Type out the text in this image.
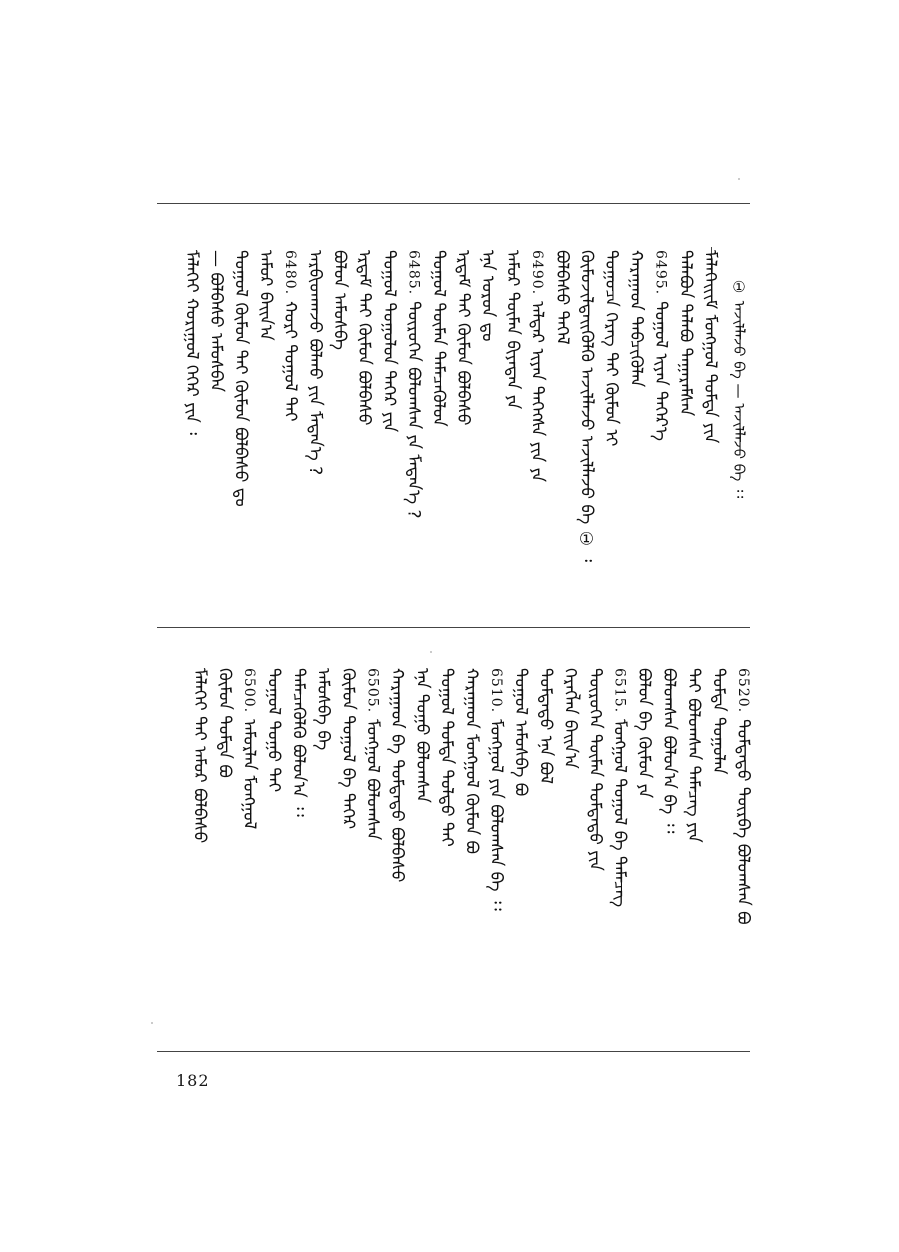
① ᠠᠵᠢᠯᠯᠠᠵᠤ ᠪᠠ — ᠠᠵᠢᠯᠯᠠᠵᠤ ᠪᠠ ᠄᠄
ᠮᠡᠯᠡᠭᠡᠢᠢᠮ ᠮᠣᠩᠭᠣᠯ ᠳᠤᠮᠳᠠ ᠶᠢᠨ
ᠲᠠᠯᠠᠪᠤᠨ ᠲᠠᠯᠠᠪᠤ ᠲᠠᠭᠠᠷᠠᠮᠰᠠᠨ
6495.ᠲᠣᠭᠣᠯ ᠢᠶᠡᠨ ᠳᠡᠭᠡᠷ᠎ᠡ
ᠬᠠᠷᠠᠭᠠᠳ ᠲᠡᠪᠴᠢᠭᠦᠯᠡᠨ
ᠲᠣᠭᠣᠴᠠ ᠬᠡᠷᠡᠭ ᠲᠡᠢ ᠬᠦᠮᠦᠨ ᠢ
ᠬᠦᠮᠦᠵᠢᠯᠲᠡᠢᠭᠦᠯᠬᠦ ᠠᠵᠢᠯᠯᠠᠵᠤ ᠠᠵᠢᠯᠯᠠᠵᠤ ᠪᠠ ① ᠄
ᠪᠣᠯᠪᠠᠰᠤ ᠳᠡᠭᠡᠯ
6490.ᠠᠯᠳᠠᠷ ᠢᠶᠡᠨ ᠳᠡᠭᠡᠭᠰᠡ ᠶᠢᠨ ᠶᠠ
ᠠᠮᠤᠷ ᠲᠦᠮᠡᠨ ᠪᠢᠶᠡᠳᠡᠨ ᠶᠠ
ᠡᠨᠡ ᠣᠷᠣᠨ ᠳᠤ
ᠡᠷᠳᠡᠮ ᠲᠡᠢ ᠬᠦᠮᠦᠨ ᠪᠣᠯᠪᠠᠰᠤ
ᠲᠣᠭᠣᠯ ᠲᠦᠮᠡᠨ ᠲᠡᠮᠡᠴᠡᠭᠦᠯᠦᠨ
6485.ᠲᠦᠷᠦᠭᠡᠨ ᠪᠣᠯᠤᠭᠰᠠᠨ ᠶᠠ ᠮᠡᠳᠡᠨ᠎ᠡ ?
ᠲᠣᠭᠣᠯ ᠳᠣᠭᠣᠯᠤᠨ ᠲᠡᠭᠡᠷ ᠶᠢᠨ
ᠡᠷᠳᠡᠮ ᠲᠡᠢ ᠬᠦᠮᠦᠨ ᠪᠣᠯᠪᠠᠰᠤ
ᠪᠣᠯᠤᠨ ᠠᠮᠤᠰᠪᠠ
ᠠᠷᠪᠢᠳᠬᠠᠵᠤ ᠪᠣᠯᠬᠤ ᠶᠢᠨ ᠮᠡᠳᠡᠨ᠎ᠡ ?
6480.ᠬᠣᠷᠢ ᠲᠣᠭᠣᠯ ᠲᠡᠢ
ᠠᠮᠤᠷ ᠪᠠᠢ᠌ᠨ᠎ᠠ
ᠲᠣᠭᠣᠯ ᠬᠦᠮᠦᠨ ᠲᠡᠢ ᠬᠦᠮᠦᠨ ᠪᠣᠯᠪᠠᠰᠤ ᠳᠤ
— ᠪᠣᠯᠪᠠᠰᠤ ᠠᠮᠤᠰᠪᠠᠨ
ᠮᠡᠯᠡᠭᠡᠢ ᠬᠣᠷᠢᠭᠣᠯ ᠬᠡᠭᠡᠷ ᠶᠢᠨ ᠄
6520.ᠳᠤᠮᠳᠠᠳᠤ ᠳᠦᠷᠪᠡ ᠪᠣᠯᠤᠭᠰᠠᠨ ᠪᠣ
ᠳᠤᠮᠳᠠ ᠲᠣᠭᠣᠯᠠᠨ
ᠲᠡᠢ ᠪᠣᠯᠤᠭᠰᠠᠨ ᠲᠡᠮᠡᠴᠡᠭ ᠶᠢᠨ
ᠪᠣᠯᠤᠭᠰᠠᠨ ᠪᠣᠯᠤᠨ᠎ᠠ ᠪᠠ ᠄᠄
ᠪᠣᠯᠤᠨ ᠪᠠ ᠬᠦᠮᠦᠨ ᠶᠠ
6515.ᠮᠣᠩᠭᠣᠯ ᠲᠣᠭᠣᠯ ᠪᠠ ᠲᠡᠮᠡᠴᠡᠭ
ᠲᠦᠷᠦᠭᠡᠨ ᠲᠦᠮᠡᠨ ᠳᠤᠮᠳᠠᠳᠤ ᠶᠢᠨ
ᠬᠡᠷᠡᠭᠯᠡᠨ ᠪᠠᠢ᠌ᠨ᠎ᠠ
ᠳᠤᠮᠳᠠᠳᠤ ᠡᠨᠡ ᠪᠣᠯ
ᠳᠣᠭᠣᠯ ᠠᠮᠤᠰᠪᠠ ᠪᠣ
6510.ᠮᠣᠩᠭᠣᠯ ᠶᠢᠨ ᠪᠣᠯᠤᠭᠰᠠᠨ ᠪᠠ ᠄᠄
ᠬᠠᠷᠠᠭᠠᠳ ᠮᠣᠩᠭᠣᠯ ᠬᠦᠮᠦᠨ ᠪᠣ
ᠲᠣᠭᠣᠯ ᠳᠤᠮᠳᠠ ᠳᠤᠯᠳᠤ ᠲᠡᠢ
ᠡᠨᠡ ᠲᠣᠭᠣ ᠪᠣᠯᠤᠭᠰᠠᠨ
ᠬᠠᠷᠠᠭᠠᠳ ᠪᠠ ᠳᠤᠮᠳᠠᠳᠤ ᠪᠣᠯᠪᠠᠰᠤ
6505.ᠮᠣᠩᠭᠣᠯ ᠪᠣᠯᠤᠭᠰᠠᠨ
ᠬᠦᠮᠦᠨ ᠲᠣᠭᠣᠯ ᠪᠠ ᠲᠡᠭᠡᠷ
ᠠᠮᠤᠰᠪᠠ ᠪᠠ
ᠲᠡᠮᠡᠴᠡᠭᠦᠯᠬᠦ ᠪᠣᠯᠤᠨ᠎ᠠ ᠄᠄
ᠳᠣᠭᠣᠯ ᠲᠣᠭᠣ ᠲᠡᠢ
6500.ᠠᠮᠤᠷᠯᠠᠨ ᠮᠣᠩᠭᠣᠯ
ᠬᠦᠮᠦᠨ ᠳᠤᠮᠳᠠ ᠪᠣ
ᠮᠡᠯᠡᠭᠡᠢ ᠲᠡᠢ ᠠᠮᠤᠷ ᠪᠣᠯᠪᠠᠰᠤ
182
